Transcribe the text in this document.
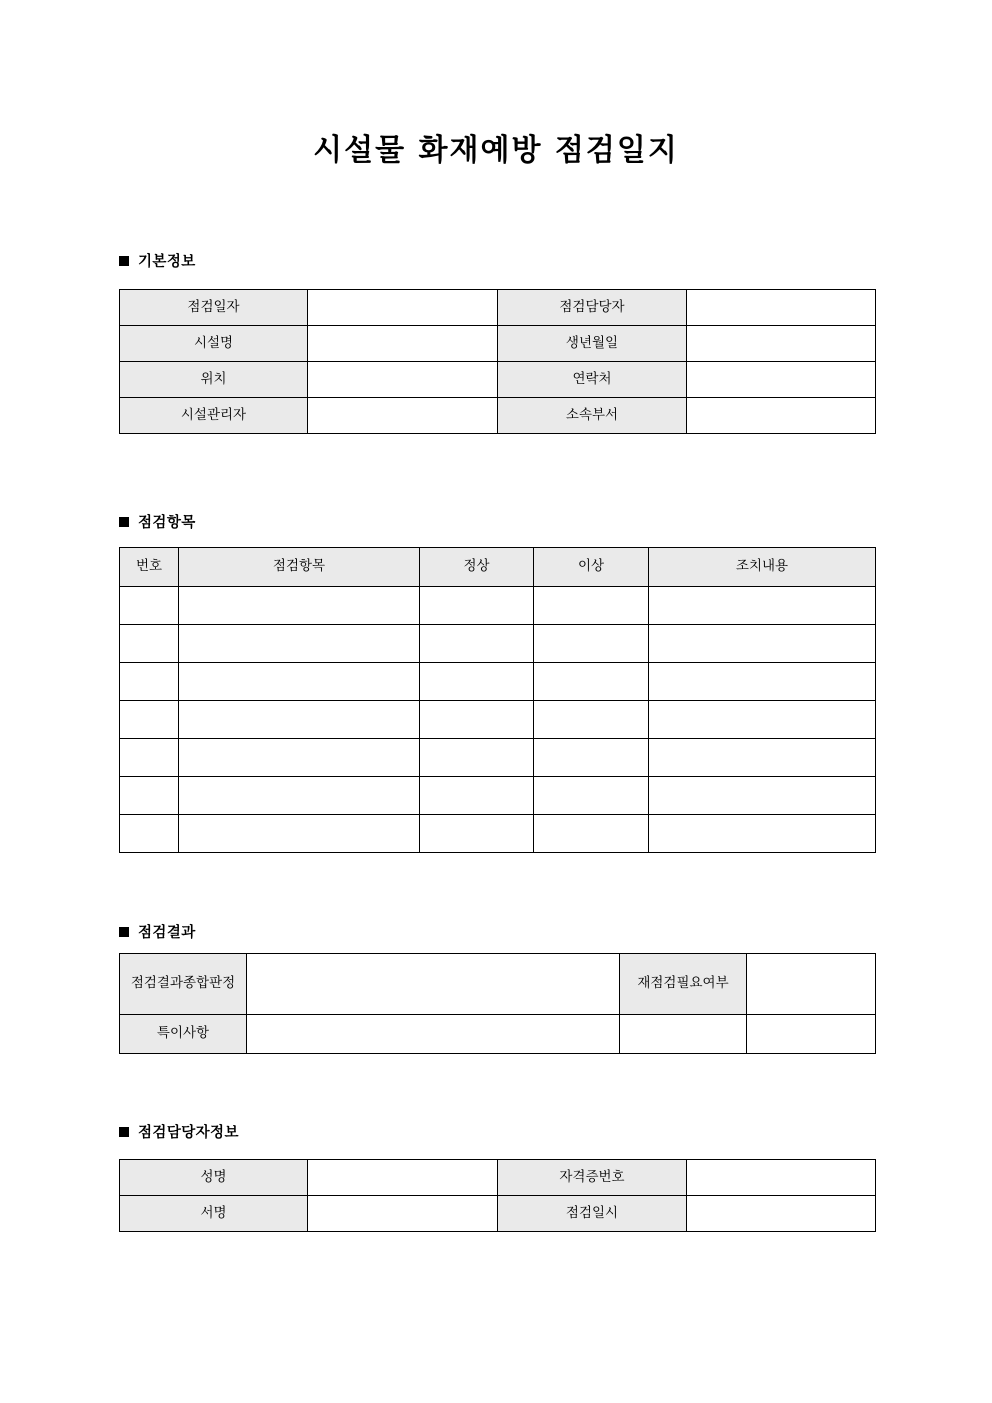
시설물 화재예방 점검일지
기본정보
점검일자		점검담당자	
시설명		생년월일	
위치		연락처	
시설관리자		소속부서	
점검항목
번호	점검항목	정상	이상	조치내용

점검결과
점검결과종합판정		재점검필요여부	
특이사항			
점검담당자정보
성명		자격증번호	
서명		점검일시	
